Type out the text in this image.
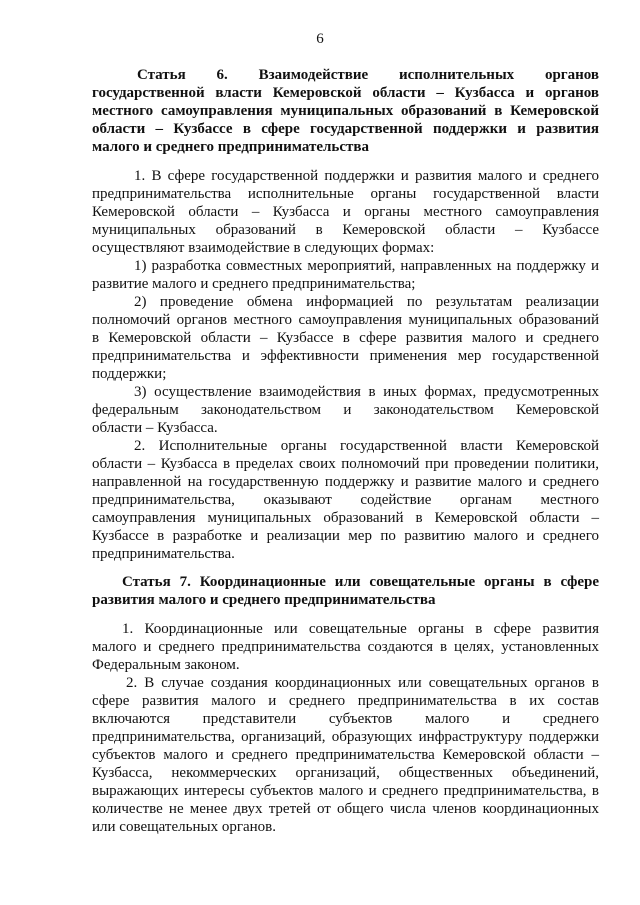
6
Статья 6. Взаимодействие исполнительных органов
государственной власти Кемеровской области – Кузбасса и органов
местного самоуправления муниципальных образований в Кемеровской
области – Кузбассе в сфере государственной поддержки и развития
малого и среднего предпринимательства
1. В сфере государственной поддержки и развития малого и среднего
предпринимательства исполнительные органы государственной власти
Кемеровской области – Кузбасса и органы местного самоуправления
муниципальных образований в Кемеровской области – Кузбассе
осуществляют взаимодействие в следующих формах:
1) разработка совместных мероприятий, направленных на поддержку и
развитие малого и среднего предпринимательства;
2) проведение обмена информацией по результатам реализации
полномочий органов местного самоуправления муниципальных образований
в Кемеровской области – Кузбассе в сфере развития малого и среднего
предпринимательства и эффективности применения мер государственной
поддержки;
3) осуществление взаимодействия в иных формах, предусмотренных
федеральным законодательством и законодательством Кемеровской
области – Кузбасса.
2. Исполнительные органы государственной власти Кемеровской
области – Кузбасса в пределах своих полномочий при проведении политики,
направленной на государственную поддержку и развитие малого и среднего
предпринимательства, оказывают содействие органам местного
самоуправления муниципальных образований в Кемеровской области –
Кузбассе в разработке и реализации мер по развитию малого и среднего
предпринимательства.
Статья 7. Координационные или совещательные органы в сфере
развития малого и среднего предпринимательства
1. Координационные или совещательные органы в сфере развития
малого и среднего предпринимательства создаются в целях, установленных
Федеральным законом.
2. В случае создания координационных или совещательных органов в
сфере развития малого и среднего предпринимательства в их состав
включаются представители субъектов малого и среднего
предпринимательства, организаций, образующих инфраструктуру поддержки
субъектов малого и среднего предпринимательства Кемеровской области –
Кузбасса, некоммерческих организаций, общественных объединений,
выражающих интересы субъектов малого и среднего предпринимательства, в
количестве не менее двух третей от общего числа членов координационных
или совещательных органов.
